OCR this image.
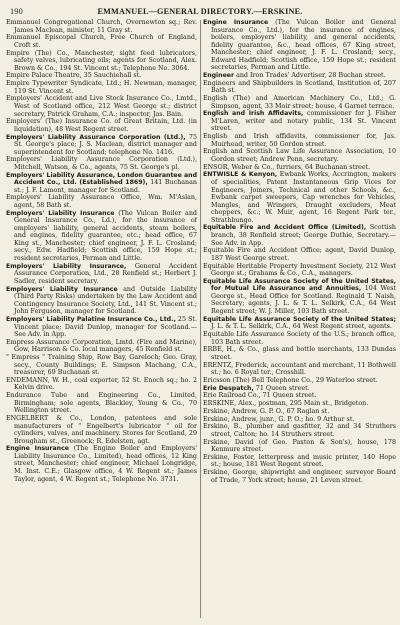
190	EMMANUEL—GENERAL DIRECTORY.—ERSKINE.

Emmanuel Congregational Church, Overnewton sq.; Rev. James Maclean, minister, 11 Gray st.

Emmanuel Episcopal Church, Free Church of England, Croft st.

Empire (The) Co., Manchester, sight feed lubricators, safety valves, lubricating oils; agents for Scotland, Alex. Brown & Co., 194 St. Vincent st.; Telephone No. 3064.

Empire Palace Theatre, 35 Sauchiehall st.

Empire Typewriter Syndicate, Ltd.; H. Newman, manager, 119 St. Vincent st.

Employers' Accident and Live Stock Insurance Co., Lmtd., West of Scotland office, 212 West George st.; district secretary, Patrick Graham, C.A.; inspector, Jas. Bain.

Employers' (The) Insurance Co. of Great Britain, Ltd. (in liquidation), 48 West Regent street.

Employers' Liability Assurance Corporation (Ltd.), 75 St. George's place; J. S. Maclean, district manager and superintendent for Scotland; telephone No. 1416.

Employers' Liability Assurance Corporation (Ltd.), Mitchell, Watson, & Co., agents, 75 St. George's pl.

Employers' Liability Assurance, London Guarantee and Accident Co., Ltd. (Established 1869), 141 Buchanan st.; J. F. Lamont, manager for Scotland.

Employers' Liability Assurance Office, Wm. M'Aslan, agent, 58 Bath st.

Employers' Liability Insurance (The Vulcan Boiler and General Insurance Co., Ld.), for the insurance of employers' liability, general accidents, steam boilers, and engines, fidelity guarantee, etc.; head office, 67 King st., Manchester; chief engineer, J. F. L. Crosland; secy., Edw. Hadfield; Scottish office, 159 Hope st.; resident secretaries, Perman and Little.

Employers' Liability Insurance, General Accident Assurance Corporation, Ltd., 28 Renfield st.; Herbert J. Sadler, resident secretary.

Employers' Liability Insurance and Outside Liability (Third Party Risks) undertaken by the Law Accident and Contingency Insurance Society, Ltd., 141 St. Vincent st.; John Ferguson, manager for Scotland.

Employers' Liability Palatine Insurance Co., Ltd., 25 St. Vincent place; David Dunlop, manager for Scotland.—See Adv. in App.

Empress Assurance Corporation, Lmtd. (Fire and Marine), Gow, Harrison & Co. local managers, 45 Renfield st.

" Empress " Training Ship, Row Bay, Gareloch; Geo. Gray, secy., County Buildings; E. Simpson Machang, C.A., treasurer, 69 Buchanan st.

ENDEMANN, W. H., coal exporter, 52 St. Enoch sq.; ho. 2 Kelvin drive.

Endurance Tube and Engineering Co., Limited, Birmingham; sole agents, Blackley, Young & Co., 70 Wellington street.

ENGELBERT & Co., London, patentees and sole manufacturers of " Engelbert's lubricator " oil for cylinders, valves, and machinery. Stores for Scotland, 29 Brougham st., Greenock; R. Edelsten, agt.

Engine Insurance (The Engine Boiler and Employers' Liability Insurance Co., Limited), head offices, 12 King street, Manchester; chief engineer, Michael Longridge, M. Inst. C.E.; Glasgow office, 4 W. Regent st.; James Taylor, agent, 4 W. Regent st.; Telephone No. 3731.

Engine Insurance (The Vulcan Boiler and General Insurance Co., Ltd.), for the insurance of engines, boilers, employers' liability, and general accidents, fidelity guarantee, &c., head offices, 67 King street, Manchester; chief engineer, J. F. L. Crosland; secy., Edward Hadfield; Scottish office, 159 Hope st.; resident secretaries, Perman and Little.

Engineer and Iron Trades' Advertiser, 28 Buchan street.

Engineers and Shipbuilders in Scotland, Institution of, 207 Bath st.

English (The) and American Machinery Co., Ltd.; G. Simpson, agent, 33 Moir street; house, 4 Garnet terrace.

English and Irish Affidavits, commissioner for J. Fisher M'Laren, writer and notary public, 134 St. Vincent street.

English and Irish affidavits, commissioner for, Jas. Muirhead, writer, 50 Gordon street.

English and Scottish Law Life Assurance Association, 10 Gordon street; Andrew Penn, secretary.

ENSOR, Weber & Co., furriers, 64 Buchanan street.

ENTWISLE & Kenyon, Ewbank Works, Accrington, makers of specialities, Patent Instantaneous Grip Vices for Engineers, Joiners, Technical and other Schools, &c., Ewbank carpet sweepers, Cap wrenches for Vehicles, Mangles, and Wringers, Draught excluders, Meat choppers, &c.; W. Muir, agent, 16 Regent Park ter., Strathbungo.

Equitable Fire and Accident Office (Limited), Scottish branch, 38 Renfield street; George Duthie, Secretary.—See Adv. in App.

Equitable Fire and Accident Office; agent, David Dunlop, 187 West George street.

Equitable Heritable Property Investment Society, 212 West George st.; Grahams & Co., C.A., managers.

Equitable Life Assurance Society of the United States, for Mutual Life Assurance and Annuities, 104 West George st., Head Office for Scotland. Reginald T. Naish, Secretary; agents, J. L. & T. L. Selkirk, C.A., 64 West Regent street; W. J. Miller, 103 Bath street.

Equitable Life Assurance Society of the United States; J. L. & T. L. Selkirk, C.A., 64 West Regent street, agents.

Equitable Life Assurance Society of the U.S.; branch office, 103 Bath street.

ERBE, H., & Co., glass and bottle merchants, 133 Dundas street.

ERENTZ, Frederick, accountant and merchant, 11 Bothwell st.; ho. 6 Royal ter., Crosshill.

Ericsson (The) Bell Telephone Co., 29 Waterloo street.

Erie Despatch, 71 Queen street.

Erie Railroad Co., 71 Queen street.

ERSKINE, Alex., postman, 295 Main st., Bridgeton.

Erskine, Andrew, G. P. O., 67 Raglan st.

Erskine, Andrew, junr., G. P. O.; ho. 9 Arthur st.

Erskine, B., plumber and gasfitter, 32 and 34 Struthers street, Calton; ho. 14 Struthers street.

Erskine, David (of Geo. Paxton & Son's), house, 178 Kenmure street.

Erskine, Foster, letterpress and music printer, 140 Hope st.; house, 181 West Regent street.

Erskine, George, shipwright and engineer, surveyor Board of Trade, 7 York street; house, 21 Leven street.
